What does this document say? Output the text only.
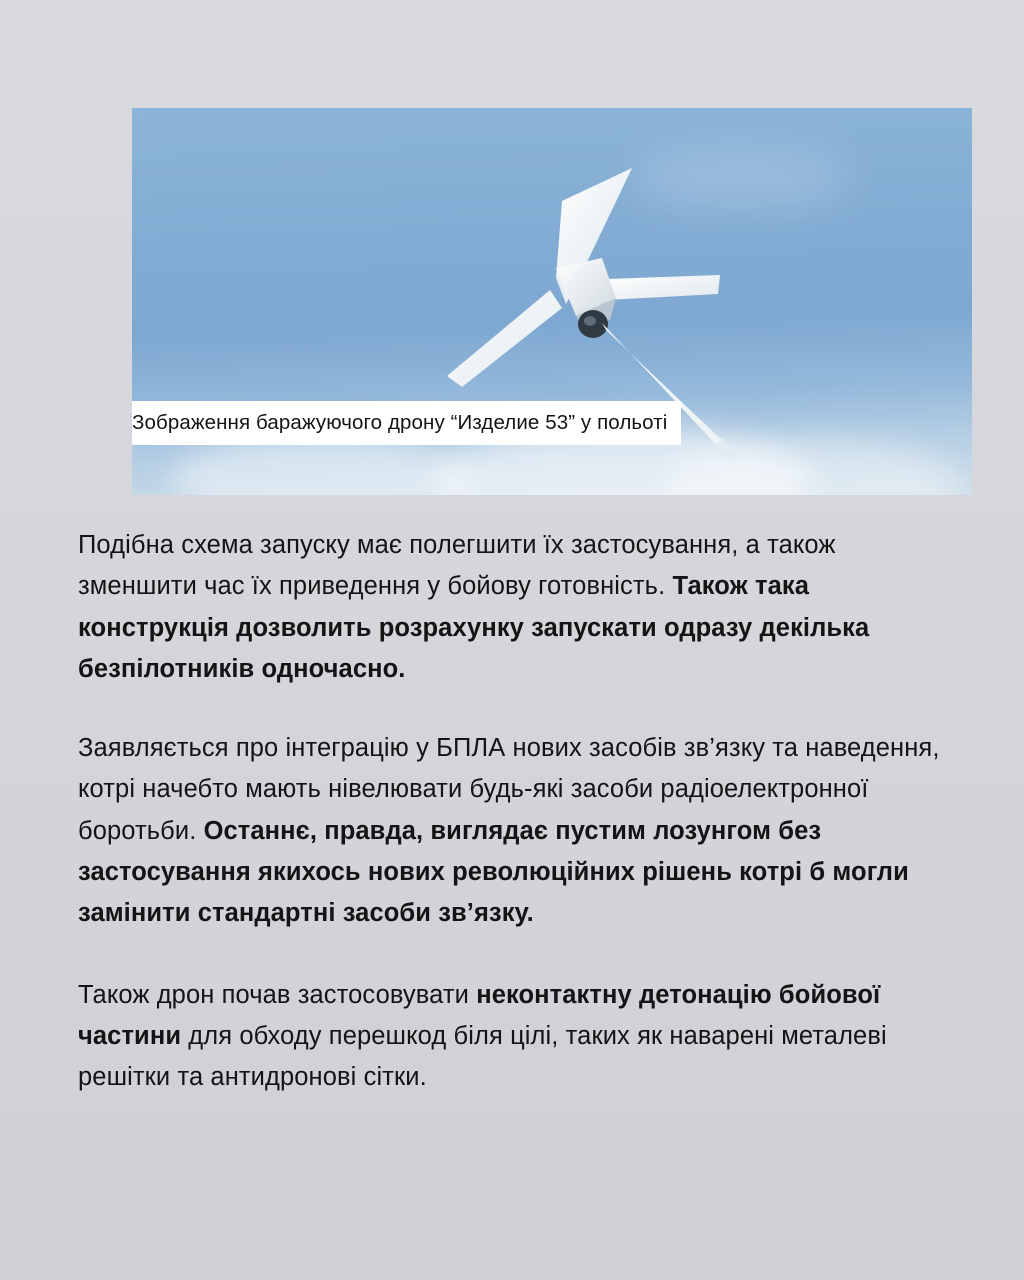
Зображення баражуючого дрону “Изделие 53” у польоті

Подібна схема запуску має полегшити їх застосування, а також зменшити час їх приведення у бойову готовність. Також така конструкція дозволить розрахунку запускати одразу декілька безпілотників одночасно.

Заявляється про інтеграцію у БПЛА нових засобів зв’язку та наведення, котрі начебто мають нівелювати будь-які засоби радіоелектронної боротьби. Останнє, правда, виглядає пустим лозунгом без застосування якихось нових революційних рішень котрі б могли замінити стандартні засоби зв’язку.

Також дрон почав застосовувати неконтактну детонацію бойової частини для обходу перешкод біля цілі, таких як наварені металеві решітки та антидронові сітки.
